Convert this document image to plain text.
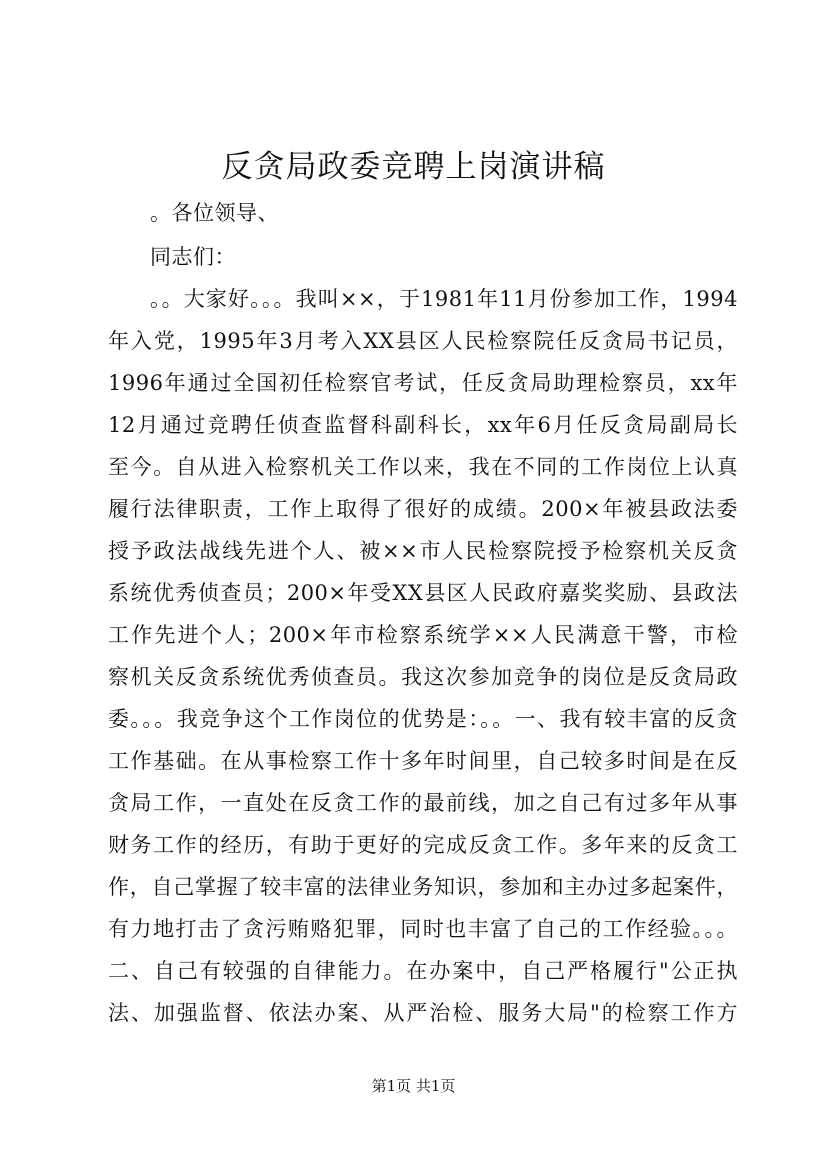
反贪局政委竞聘上岗演讲稿
。各位领导、
同志们：
。。大家好。。。我叫××，于1981年11月份参加工作，1994
年入党，1995年3月考入XX县区人民检察院任反贪局书记员，
1996年通过全国初任检察官考试，任反贪局助理检察员，xx年
12月通过竞聘任侦查监督科副科长，xx年6月任反贪局副局长
至今。自从进入检察机关工作以来，我在不同的工作岗位上认真
履行法律职责，工作上取得了很好的成绩。200×年被县政法委
授予政法战线先进个人、被××市人民检察院授予检察机关反贪
系统优秀侦查员；200×年受XX县区人民政府嘉奖奖励、县政法
工作先进个人；200×年市检察系统学××人民满意干警，市检
察机关反贪系统优秀侦查员。我这次参加竞争的岗位是反贪局政
委。。。我竞争这个工作岗位的优势是：。。一、我有较丰富的反贪
工作基础。在从事检察工作十多年时间里，自己较多时间是在反
贪局工作，一直处在反贪工作的最前线，加之自己有过多年从事
财务工作的经历，有助于更好的完成反贪工作。多年来的反贪工
作，自己掌握了较丰富的法律业务知识，参加和主办过多起案件，
有力地打击了贪污贿赂犯罪，同时也丰富了自己的工作经验。。。
二、自己有较强的自律能力。在办案中，自己严格履行"公正执
法、加强监督、依法办案、从严治检、服务大局"的检察工作方
第1页 共1页
